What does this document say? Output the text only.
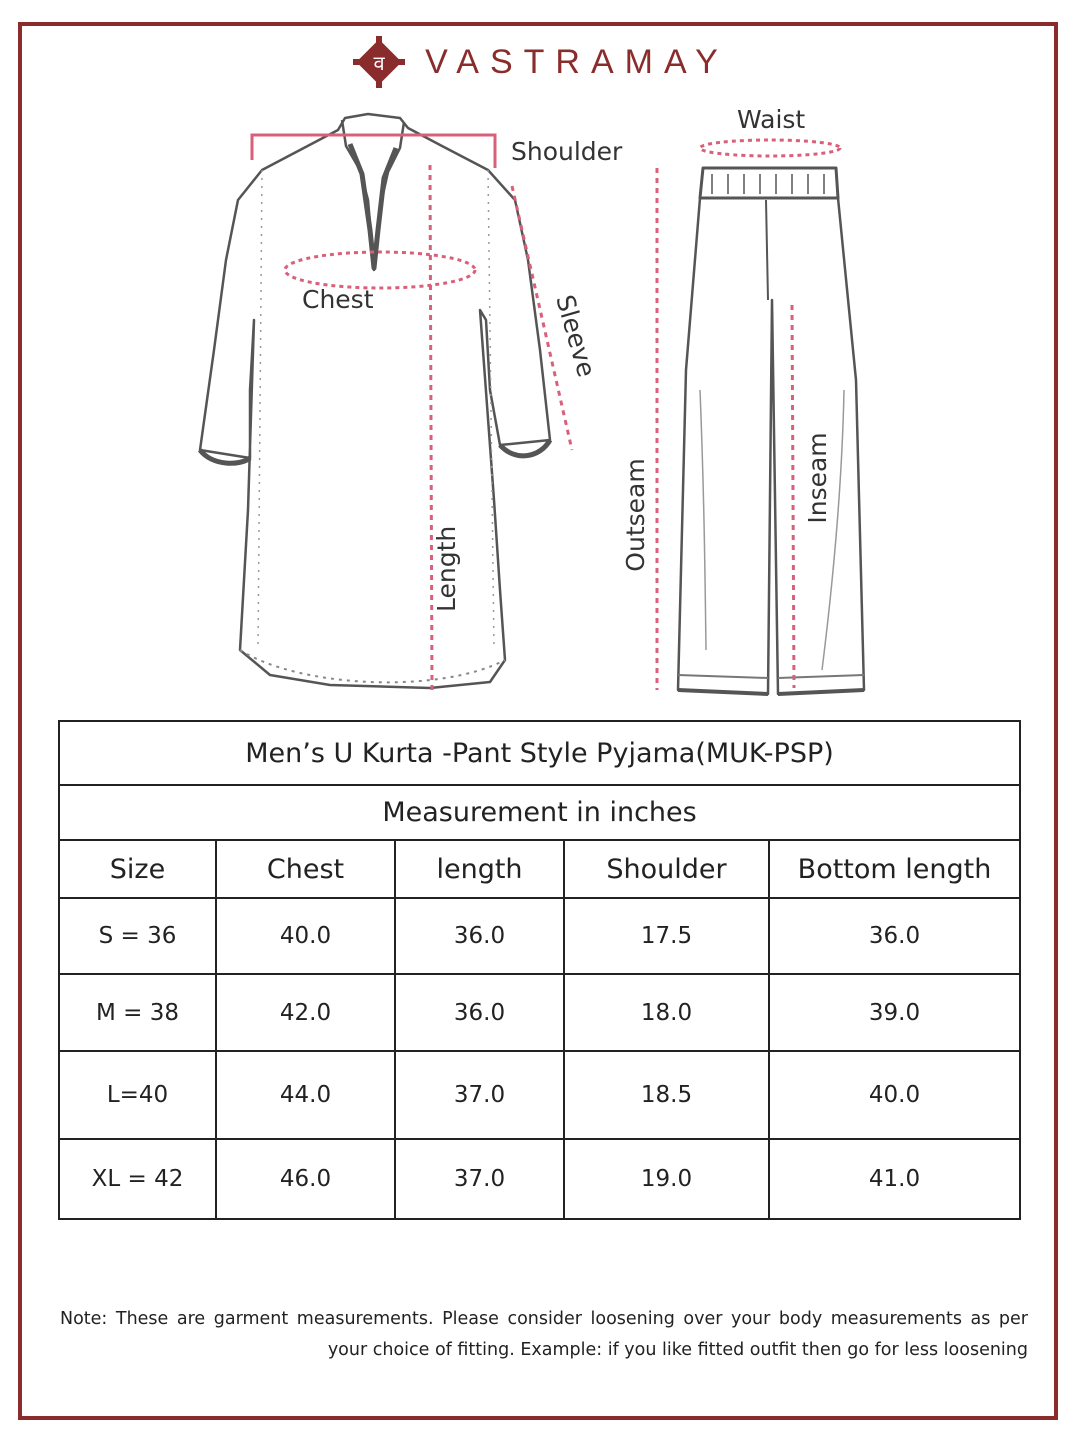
व VASTRAMAY
Shoulder
Chest	Sleeve
Length
Waist
Outseam	Inseam
Men’s U Kurta -Pant Style Pyjama(MUK-PSP)				
Measurement in inches				
Size	Chest	length	Shoulder	Bottom length
S = 36	40.0	36.0	17.5	36.0
M = 38	42.0	36.0	18.0	39.0
L=40	44.0	37.0	18.5	40.0
XL = 42	46.0	37.0	19.0	41.0
Note: These are garment measurements. Please consider loosening over your body measurements as per your choice of fitting. Example: if you like fitted outfit then go for less loosening
